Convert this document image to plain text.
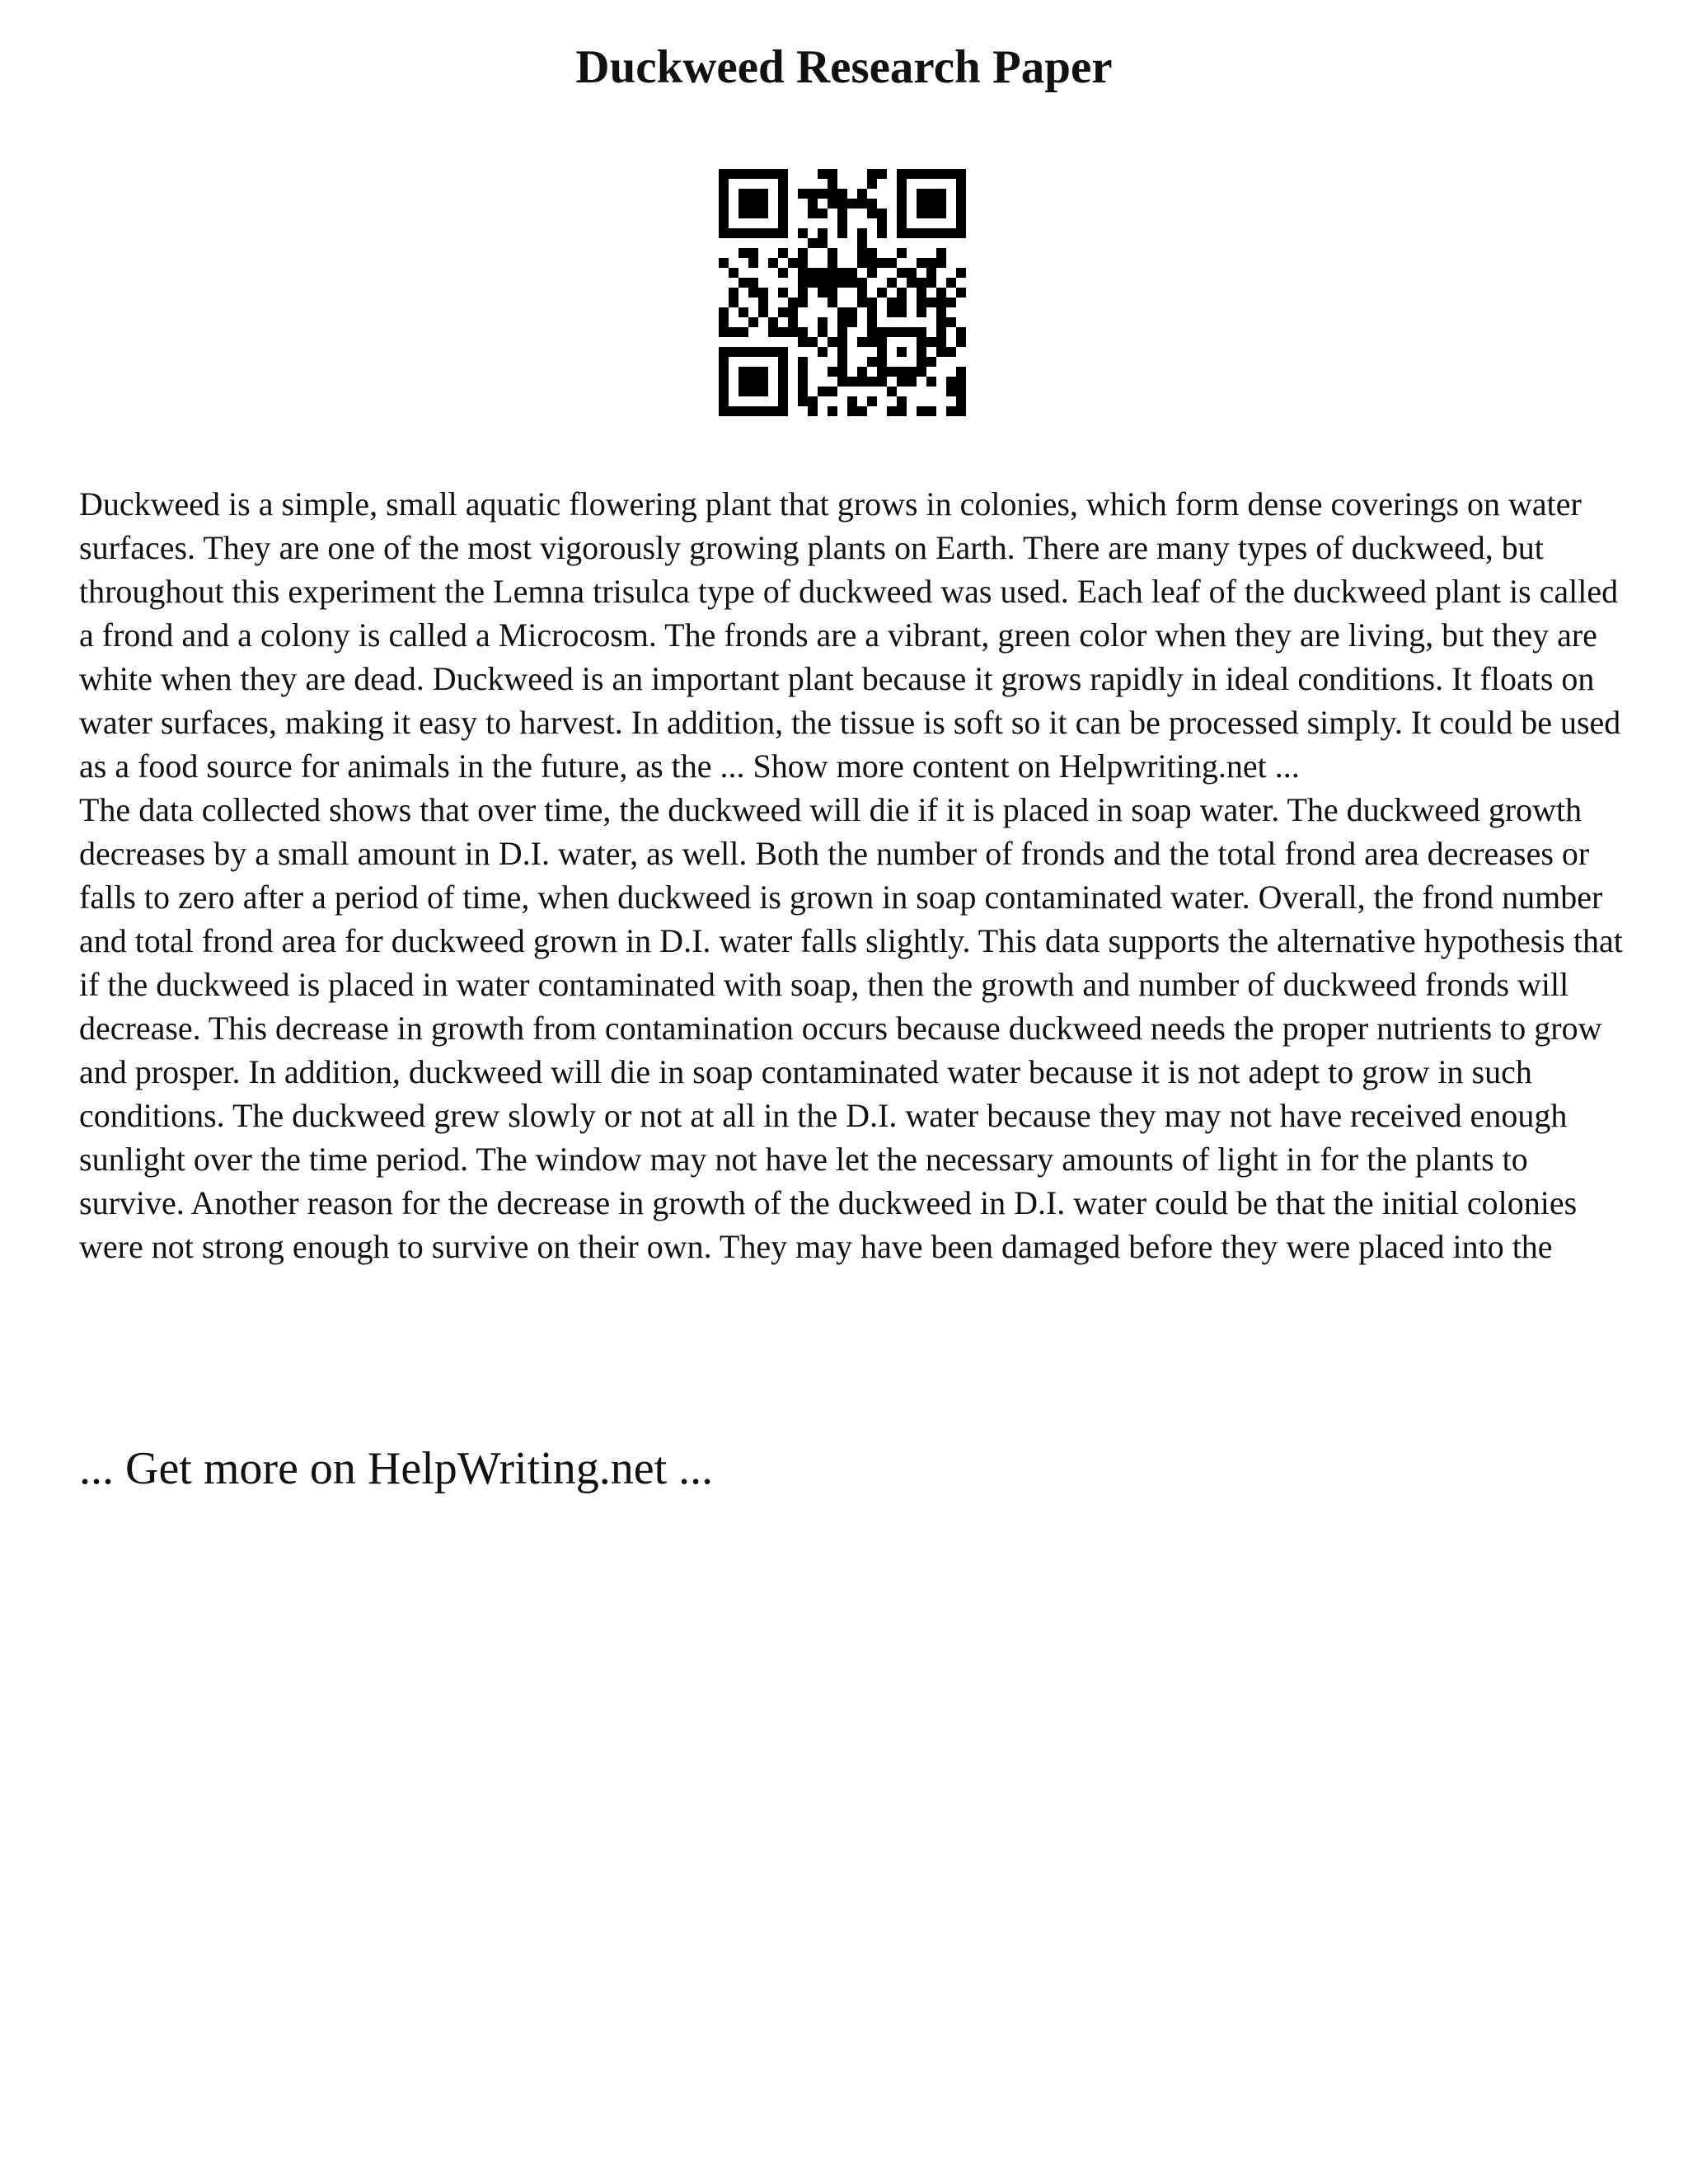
Duckweed Research Paper

Duckweed is a simple, small aquatic flowering plant that grows in colonies, which form dense coverings on water surfaces. They are one of the most vigorously growing plants on Earth. There are many types of duckweed, but throughout this experiment the Lemna trisulca type of duckweed was used. Each leaf of the duckweed plant is called a frond and a colony is called a Microcosm. The fronds are a vibrant, green color when they are living, but they are white when they are dead. Duckweed is an important plant because it grows rapidly in ideal conditions. It floats on water surfaces, making it easy to harvest. In addition, the tissue is soft so it can be processed simply. It could be used as a food source for animals in the future, as the ... Show more content on Helpwriting.net ...

The data collected shows that over time, the duckweed will die if it is placed in soap water. The duckweed growth decreases by a small amount in D.I. water, as well. Both the number of fronds and the total frond area decreases or falls to zero after a period of time, when duckweed is grown in soap contaminated water. Overall, the frond number and total frond area for duckweed grown in D.I. water falls slightly. This data supports the alternative hypothesis that if the duckweed is placed in water contaminated with soap, then the growth and number of duckweed fronds will decrease. This decrease in growth from contamination occurs because duckweed needs the proper nutrients to grow and prosper. In addition, duckweed will die in soap contaminated water because it is not adept to grow in such conditions. The duckweed grew slowly or not at all in the D.I. water because they may not have received enough sunlight over the time period. The window may not have let the necessary amounts of light in for the plants to survive. Another reason for the decrease in growth of the duckweed in D.I. water could be that the initial colonies were not strong enough to survive on their own. They may have been damaged before they were placed into the

... Get more on HelpWriting.net ...
